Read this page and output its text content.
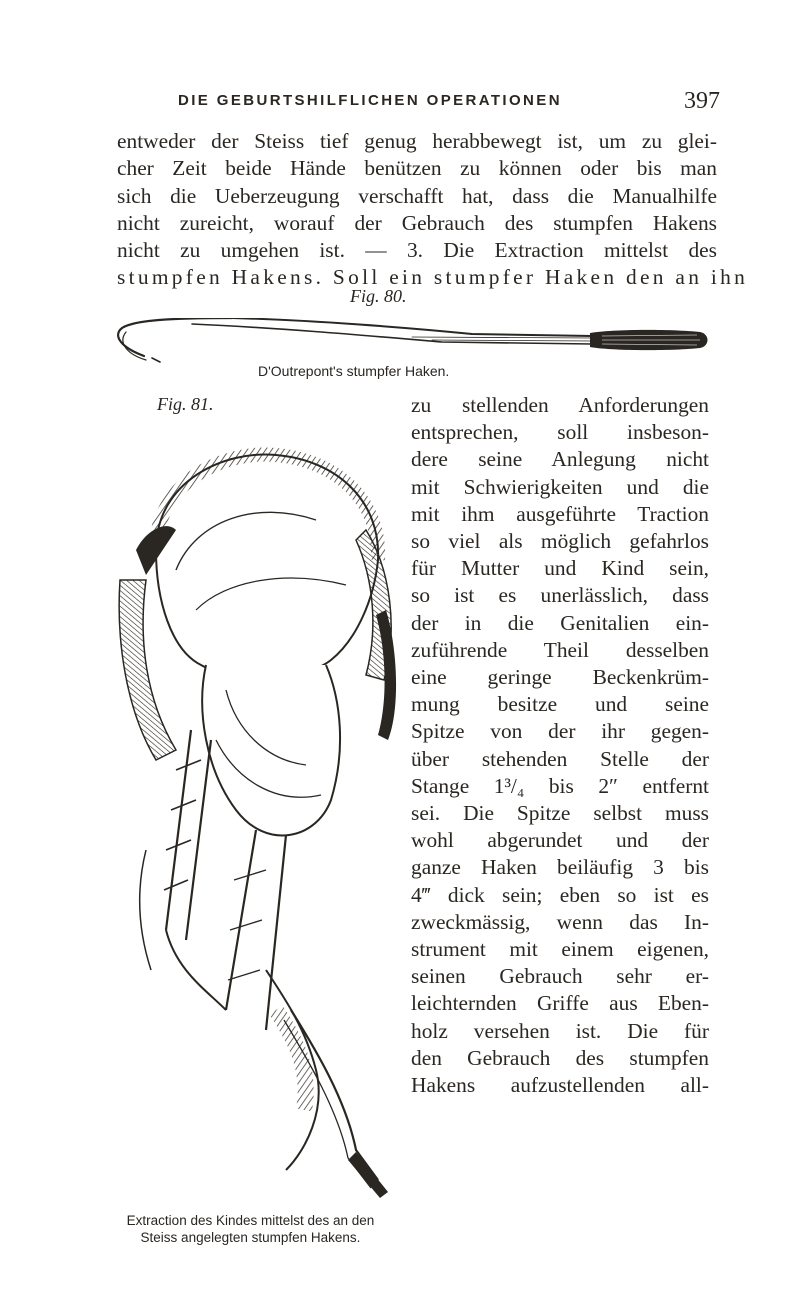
DIE GEBURTSHILFLICHEN OPERATIONEN	397
entweder der Steiss tief genug herabbewegt ist, um zu glei-
cher Zeit beide Hände benützen zu können oder bis man
sich die Ueberzeugung verschafft hat, dass die Manualhilfe
nicht zureicht, worauf der Gebrauch des stumpfen Hakens
nicht zu umgehen ist. — 3. Die Extraction mittelst des
stumpfen Hakens. Soll ein stumpfer Haken den an ihn
Fig. 80.
D'Outrepont's stumpfer Haken.
Fig. 81.
Extraction des Kindes mittelst des an den
Steiss angelegten stumpfen Hakens.
zu stellenden Anforderungen
entsprechen, soll insbeson-
dere seine Anlegung nicht
mit Schwierigkeiten und die
mit ihm ausgeführte Traction
so viel als möglich gefahrlos
für Mutter und Kind sein,
so ist es unerlässlich, dass
der in die Genitalien ein-
zuführende Theil desselben
eine geringe Beckenkrüm-
mung besitze und seine
Spitze von der ihr gegen-
über stehenden Stelle der
Stange 1³/₄ bis 2″ entfernt
sei. Die Spitze selbst muss
wohl abgerundet und der
ganze Haken beiläufig 3 bis
4‴ dick sein; eben so ist es
zweckmässig, wenn das In-
strument mit einem eigenen,
seinen Gebrauch sehr er-
leichternden Griffe aus Eben-
holz versehen ist. Die für
den Gebrauch des stumpfen
Hakens aufzustellenden all-
